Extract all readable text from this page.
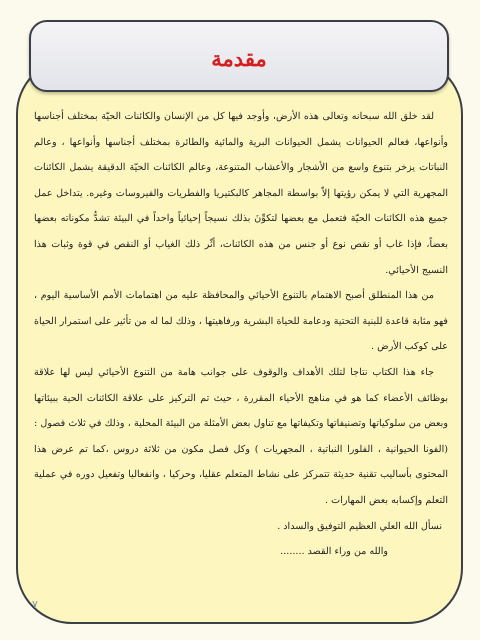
مقدمة

لقد خلق الله سبحانه وتعالى هذه الأرض، وأوجد فيها كل من الإنسان والكائنات الحيّة بمختلف أجناسها وأنواعها، فعالم الحيوانات يشمل الحيوانات البرية والمائية والطائرة بمختلف أجناسها وأنواعها ، وعالم النباتات يزخر بتنوع واسع من الأشجار والأعشاب المتنوعة، وعالم الكائنات الحيّة الدقيقة يشمل الكائنات المجهرية التي لا يمكن رؤيتها إلاّ بواسطة المجاهر كالبكتيريا والفطريات والفيروسات وغيره. يتداخل عمل جميع هذه الكائنات الحيّة فتعمل مع بعضها لتكوِّنَ بذلك نسيجاً إحيائياً واحداً في البيئة تشدُّ مكوناته بعضها بعضاً، فإذا غاب أو نقص نوع أو جنس من هذه الكائنات، أثّر ذلك الغياب أو النقص في قوة وثبات هذا النسيج الأحيائي.

من هذا المنطلق أصبح الاهتمام بالتنوع الأحيائي والمحافظة عليه من اهتمامات الأمم الأساسية اليوم ، فهو مثابة قاعدة للبنية التحتية ودعامة للحياة البشرية ورفاهيتها ، وذلك لما له من تأثير على استمرار الحياة على كوكب الأرض .

جاء هذا الكتاب نتاجا لتلك الأهداف والوقوف على جوانب هامة من التنوع الأحيائي ليس لها علاقة بوظائف الأعضاء كما هو في مناهج الأحياء المقررة ، حيث تم التركيز على علاقة الكائنات الحية ببيئاتها وبعض من سلوكياتها وتصنيفاتها وتكيفاتها مع تناول بعض الأمثلة من البيئة المحلية ، وذلك في ثلاث فصول :(الفونا الحيوانية ، الفلورا النباتية ، المجهريات ) وكل فصل مكون من ثلاثة دروس ،كما تم عرض هذا المحتوى بأساليب تقنية حديثة تتمركز على نشاط المتعلم عقليا، وحركيا ، وانفعاليا وتفعيل دوره في عملية التعلم وإكسابه بعض المهارات .

نسأل الله العلي العظيم التوفيق والسداد .

والله من وراء القصد ........

٧
